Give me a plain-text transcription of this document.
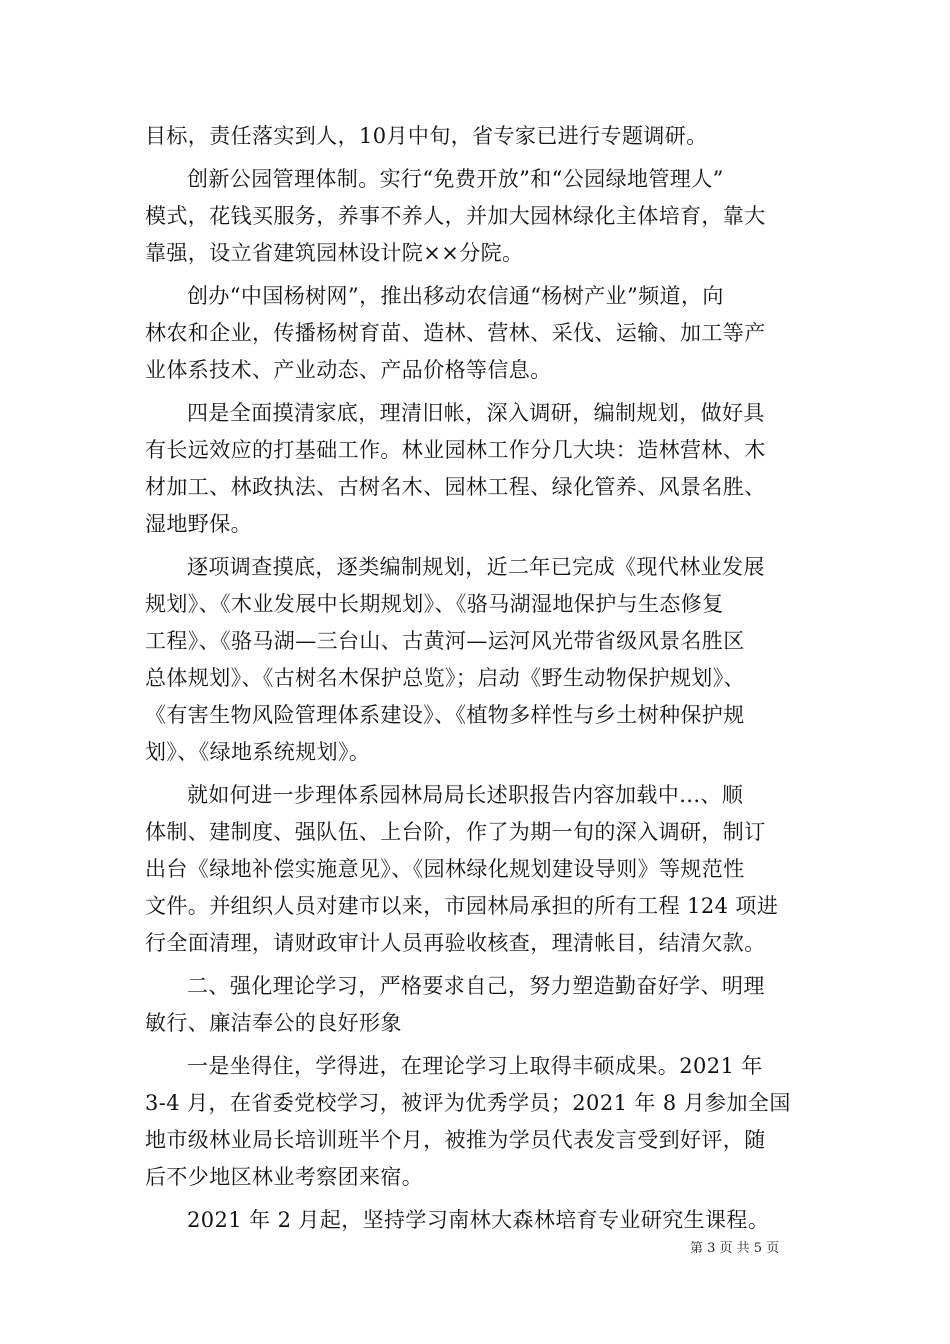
目标，责任落实到人，10月中旬，省专家已进行专题调研。
创新公园管理体制。实行“免费开放”和“公园绿地管理人”
模式，花钱买服务，养事不养人，并加大园林绿化主体培育，靠大
靠强，设立省建筑园林设计院××分院。
创办“中国杨树网”，推出移动农信通“杨树产业”频道，向
林农和企业，传播杨树育苗、造林、营林、采伐、运输、加工等产
业体系技术、产业动态、产品价格等信息。
四是全面摸清家底，理清旧帐，深入调研，编制规划，做好具
有长远效应的打基础工作。林业园林工作分几大块：造林营林、木
材加工、林政执法、古树名木、园林工程、绿化管养、风景名胜、
湿地野保。
逐项调查摸底，逐类编制规划，近二年已完成《现代林业发展
规划》、《木业发展中长期规划》、《骆马湖湿地保护与生态修复
工程》、《骆马湖—三台山、古黄河—运河风光带省级风景名胜区
总体规划》、《古树名木保护总览》；启动《野生动物保护规划》、
《有害生物风险管理体系建设》、《植物多样性与乡土树种保护规
划》、《绿地系统规划》。
就如何进一步理体系园林局局长述职报告内容加载中...、顺
体制、建制度、强队伍、上台阶，作了为期一旬的深入调研，制订
出台《绿地补偿实施意见》、《园林绿化规划建设导则》等规范性
文件。并组织人员对建市以来，市园林局承担的所有工程 124 项进
行全面清理，请财政审计人员再验收核查，理清帐目，结清欠款。
二、强化理论学习，严格要求自己，努力塑造勤奋好学、明理
敏行、廉洁奉公的良好形象
一是坐得住，学得进，在理论学习上取得丰硕成果。2021 年
3-4 月，在省委党校学习，被评为优秀学员；2021 年 8 月参加全国
地市级林业局长培训班半个月，被推为学员代表发言受到好评，随
后不少地区林业考察团来宿。
2021 年 2 月起，坚持学习南林大森林培育专业研究生课程。
第 3 页 共 5 页
